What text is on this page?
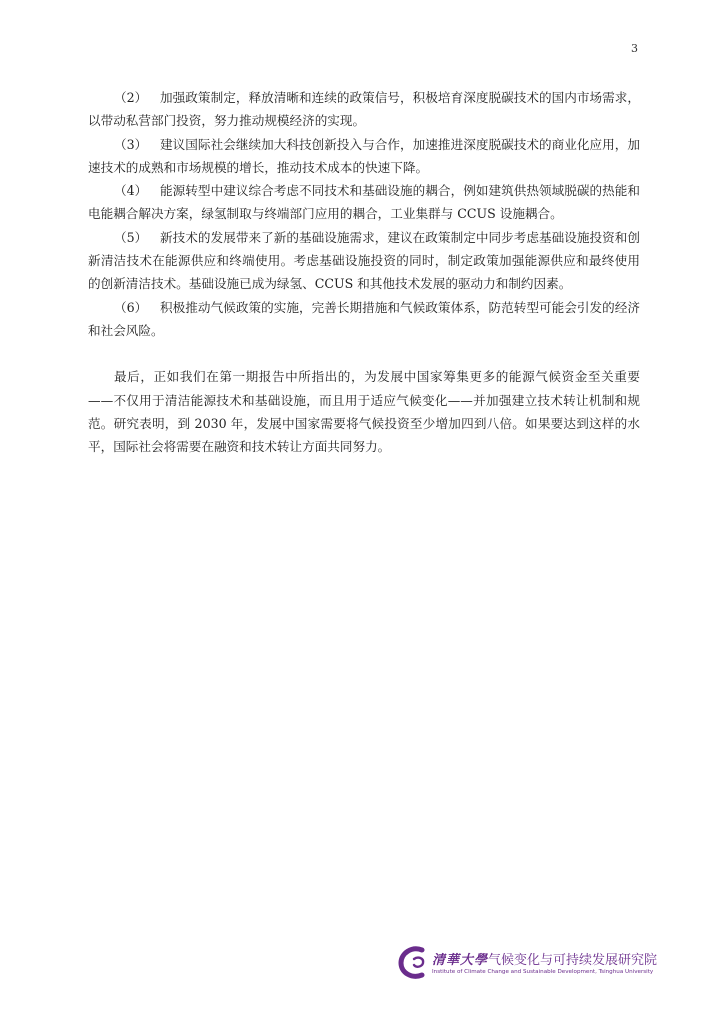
3

（2） 加强政策制定，释放清晰和连续的政策信号，积极培育深度脱碳技术的国内市场需求，以带动私营部门投资，努力推动规模经济的实现。

（3） 建议国际社会继续加大科技创新投入与合作，加速推进深度脱碳技术的商业化应用，加速技术的成熟和市场规模的增长，推动技术成本的快速下降。

（4） 能源转型中建议综合考虑不同技术和基础设施的耦合，例如建筑供热领域脱碳的热能和电能耦合解决方案，绿氢制取与终端部门应用的耦合，工业集群与 CCUS 设施耦合。

（5） 新技术的发展带来了新的基础设施需求，建议在政策制定中同步考虑基础设施投资和创新清洁技术在能源供应和终端使用。考虑基础设施投资的同时，制定政策加强能源供应和最终使用的创新清洁技术。基础设施已成为绿氢、CCUS 和其他技术发展的驱动力和制约因素。

（6） 积极推动气候政策的实施，完善长期措施和气候政策体系，防范转型可能会引发的经济和社会风险。

最后，正如我们在第一期报告中所指出的，为发展中国家筹集更多的能源气候资金至关重要——不仅用于清洁能源技术和基础设施，而且用于适应气候变化——并加强建立技术转让机制和规范。研究表明，到 2030 年，发展中国家需要将气候投资至少增加四到八倍。如果要达到这样的水平，国际社会将需要在融资和技术转让方面共同努力。

清華大學气候变化与可持续发展研究院
Institute of Climate Change and Sustainable Development, Tsinghua University
